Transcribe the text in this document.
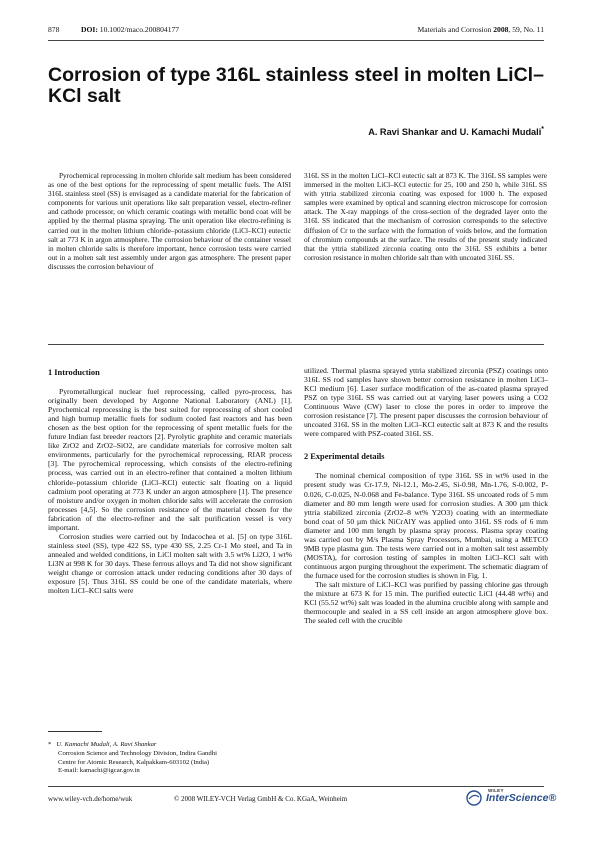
878	DOI: 10.1002/maco.200804177	Materials and Corrosion 2008, 59, No. 11
Corrosion of type 316L stainless steel in molten LiCl–KCl salt
A. Ravi Shankar and U. Kamachi Mudali*

Pyrochemical reprocessing in molten chloride salt medium has been considered as one of the best options for the reprocessing of spent metallic fuels. The AISI 316L stainless steel (SS) is envisaged as a candidate material for the fabrication of components for various unit operations like salt preparation vessel, electro-refiner and cathode processor, on which ceramic coatings with metallic bond coat will be applied by the thermal plasma spraying. The unit operation like electro-refining is carried out in the molten lithium chloride–potassium chloride (LiCl–KCl) eutectic salt at 773 K in argon atmosphere. The corrosion behaviour of the container vessel in molten chloride salts is therefore important, hence corrosion tests were carried out in a molten salt test assembly under argon gas atmosphere. The present paper discusses the corrosion behaviour of

316L SS in the molten LiCl–KCl eutectic salt at 873 K. The 316L SS samples were immersed in the molten LiCl–KCl eutectic for 25, 100 and 250 h, while 316L SS with yttria stabilized zirconia coating was exposed for 1000 h. The exposed samples were examined by optical and scanning electron microscope for corrosion attack. The X-ray mappings of the cross-section of the degraded layer onto the 316L SS indicated that the mechanism of corrosion corresponds to the selective diffusion of Cr to the surface with the formation of voids below, and the formation of chromium compounds at the surface. The results of the present study indicated that the yttria stabilized zirconia coating onto the 316L SS exhibits a better corrosion resistance in molten chloride salt than with uncoated 316L SS.

1 Introduction

Pyrometallurgical nuclear fuel reprocessing, called pyro-process, has originally been developed by Argonne National Laboratory (ANL) [1]. Pyrochemical reprocessing is the best suited for reprocessing of short cooled and high burnup metallic fuels for sodium cooled fast reactors and has been chosen as the best option for the reprocessing of spent metallic fuels for the future Indian fast breeder reactors [2]. Pyrolytic graphite and ceramic materials like ZrO2 and ZrO2–SiO2, are candidate materials for corrosive molten salt environments, particularly for the pyrochemical reprocessing, RIAR process [3]. The pyrochemical reprocessing, which consists of the electro-refining process, was carried out in an electro-refiner that contained a molten lithium chloride–potassium chloride (LiCl–KCl) eutectic salt floating on a liquid cadmium pool operating at 773 K under an argon atmosphere [1]. The presence of moisture and/or oxygen in molten chloride salts will accelerate the corrosion processes [4,5]. So the corrosion resistance of the material chosen for the fabrication of the electro-refiner and the salt purification vessel is very important.

Corrosion studies were carried out by Indacochea et al. [5] on type 316L stainless steel (SS), type 422 SS, type 430 SS, 2.25 Cr-1 Mo steel, and Ta in annealed and welded conditions, in LiCl molten salt with 3.5 wt% Li2O, 1 wt% Li3N at 998 K for 30 days. These ferrous alloys and Ta did not show significant weight change or corrosion attack under reducing conditions after 30 days of exposure [5]. Thus 316L SS could be one of the candidate materials, where molten LiCl–KCl salts were

utilized. Thermal plasma sprayed yttria stabilized zirconia (PSZ) coatings onto 316L SS rod samples have shown better corrosion resistance in molten LiCl–KCl medium [6]. Laser surface modification of the as-coated plasma sprayed PSZ on type 316L SS was carried out at varying laser powers using a CO2 Continuous Wave (CW) laser to close the pores in order to improve the corrosion resistance [7]. The present paper discusses the corrosion behaviour of uncoated 316L SS in the molten LiCl–KCl eutectic salt at 873 K and the results were compared with PSZ-coated 316L SS.

2 Experimental details

The nominal chemical composition of type 316L SS in wt% used in the present study was Cr-17.9, Ni-12.1, Mo-2.45, Si-0.98, Mn-1.76, S-0.002, P-0.026, C-0.025, N-0.068 and Fe-balance. Type 316L SS uncoated rods of 5 mm diameter and 80 mm length were used for corrosion studies. A 300 µm thick yttria stabilized zirconia (ZrO2–8 wt% Y2O3) coating with an intermediate bond coat of 50 µm thick NiCrAlY was applied onto 316L SS rods of 6 mm diameter and 100 mm length by plasma spray process. Plasma spray coating was carried out by M/s Plasma Spray Processors, Mumbai, using a METCO 9MB type plasma gun. The tests were carried out in a molten salt test assembly (MOSTA), for corrosion testing of samples in molten LiCl–KCl salt with continuous argon purging throughout the experiment. The schematic diagram of the furnace used for the corrosion studies is shown in Fig. 1.

The salt mixture of LiCl–KCl was purified by passing chlorine gas through the mixture at 673 K for 15 min. The purified eutectic LiCl (44.48 wt%) and KCl (55.52 wt%) salt was loaded in the alumina crucible along with sample and thermocouple and sealed in a SS cell inside an argon atmosphere glove box. The sealed cell with the crucible

* U. Kamachi Mudali, A. Ravi Shankar
Corrosion Science and Technology Division, Indira Gandhi
Centre for Atomic Research, Kalpakkam-603102 (India)
E-mail: kamachi@igcar.gov.in
www.wiley-vch.de/home/wuk	© 2008 WILEY-VCH Verlag GmbH & Co. KGaA, Weinheim
WILEY
InterScience®
